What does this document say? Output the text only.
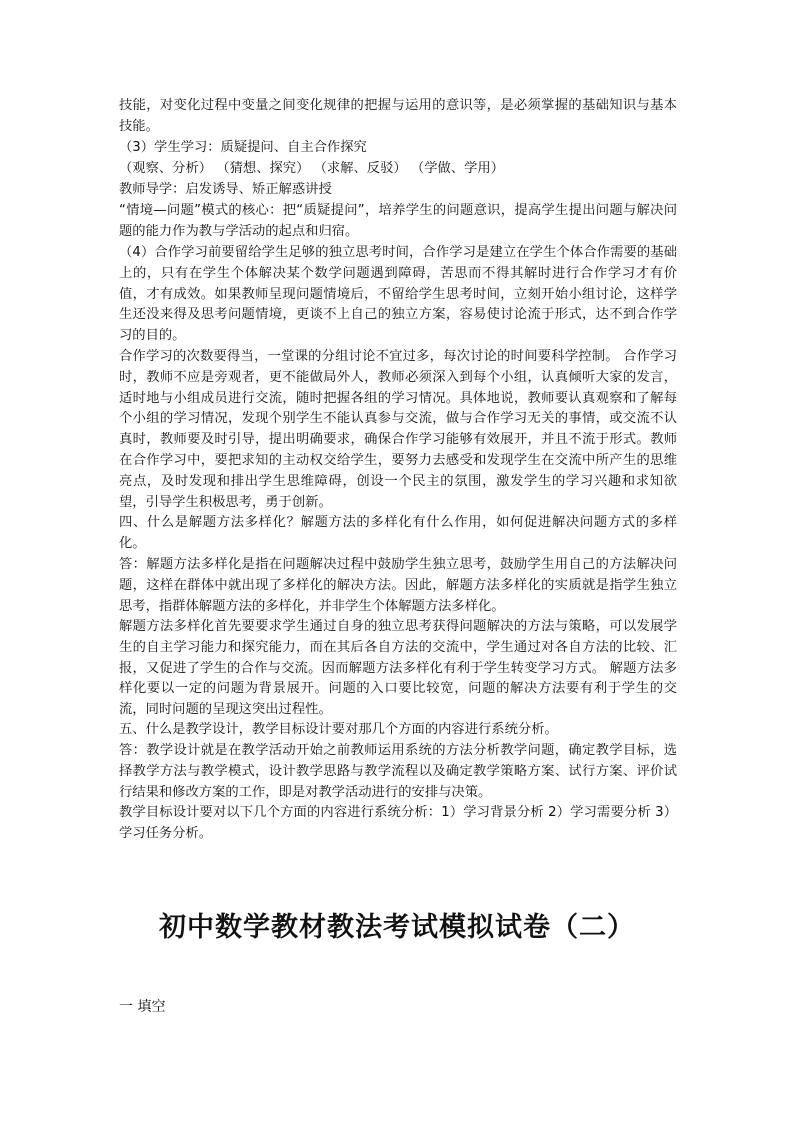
技能，对变化过程中变量之间变化规律的把握与运用的意识等，是必须掌握的基础知识与基本技能。

（3）学生学习：质疑提问、自主合作探究

（观察、分析） （猜想、探究） （求解、反驳） （学做、学用）

教师导学：启发诱导、矫正解惑讲授

“情境—问题”模式的核心：把“质疑提问”，培养学生的问题意识，提高学生提出问题与解决问题的能力作为教与学活动的起点和归宿。

（4）合作学习前要留给学生足够的独立思考时间，合作学习是建立在学生个体合作需要的基础上的，只有在学生个体解决某个数学问题遇到障碍，苦思而不得其解时进行合作学习才有价值，才有成效。如果教师呈现问题情境后，不留给学生思考时间，立刻开始小组讨论，这样学生还没来得及思考问题情境，更谈不上自己的独立方案，容易使讨论流于形式，达不到合作学习的目的。

合作学习的次数要得当，一堂课的分组讨论不宜过多，每次讨论的时间要科学控制。 合作学习时，教师不应是旁观者，更不能做局外人，教师必须深入到每个小组，认真倾听大家的发言，适时地与小组成员进行交流，随时把握各组的学习情况。具体地说，教师要认真观察和了解每个小组的学习情况，发现个别学生不能认真参与交流，做与合作学习无关的事情，或交流不认真时，教师要及时引导，提出明确要求，确保合作学习能够有效展开，并且不流于形式。教师在合作学习中，要把求知的主动权交给学生，要努力去感受和发现学生在交流中所产生的思维亮点，及时发现和排出学生思维障碍，创设一个民主的氛围，激发学生的学习兴趣和求知欲望，引导学生积极思考，勇于创新。

四、什么是解题方法多样化？解题方法的多样化有什么作用，如何促进解决问题方式的多样化。

答：解题方法多样化是指在问题解决过程中鼓励学生独立思考，鼓励学生用自己的方法解决问题，这样在群体中就出现了多样化的解决方法。因此，解题方法多样化的实质就是指学生独立思考，指群体解题方法的多样化，并非学生个体解题方法多样化。

解题方法多样化首先要要求学生通过自身的独立思考获得问题解决的方法与策略，可以发展学生的自主学习能力和探究能力，而在其后各自方法的交流中，学生通过对各自方法的比较、汇报，又促进了学生的合作与交流。因而解题方法多样化有利于学生转变学习方式。 解题方法多样化要以一定的问题为背景展开。问题的入口要比较宽，问题的解决方法要有利于学生的交流，同时问题的呈现这突出过程性。

五、什么是教学设计，教学目标设计要对那几个方面的内容进行系统分析。

答：教学设计就是在教学活动开始之前教师运用系统的方法分析教学问题，确定教学目标，选择教学方法与教学模式，设计教学思路与教学流程以及确定教学策略方案、试行方案、评价试行结果和修改方案的工作，即是对教学活动进行的安排与决策。

教学目标设计要对以下几个方面的内容进行系统分析：1）学习背景分析 2）学习需要分析 3）学习任务分析。

初中数学教材教法考试模拟试卷（二）

一 填空
